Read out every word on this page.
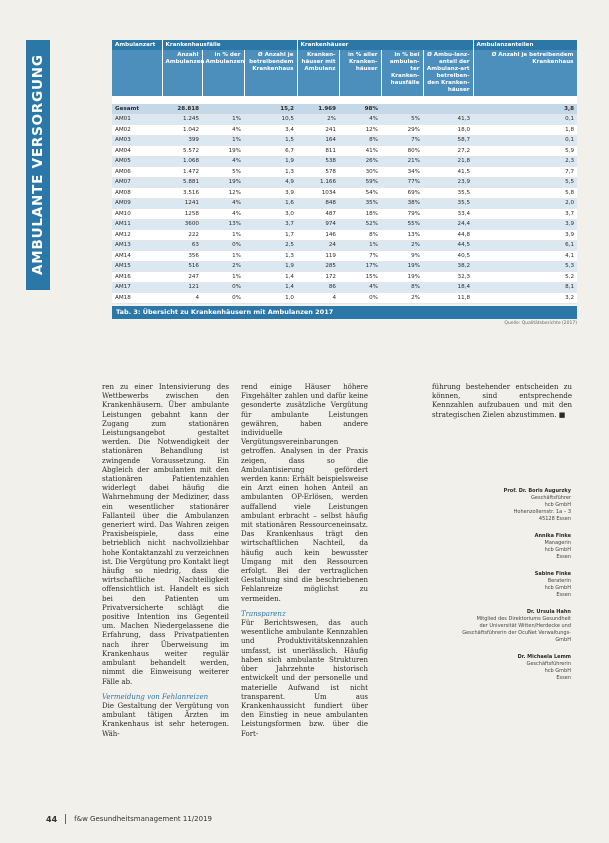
AMBULANTE VERSORGUNG
Ambulanzart	Krankenhausfälle			Krankenhäuser				Ambulanzanteilen
	Anzahl Ambulanzen	in % der Ambulanzen	Ø Anzahl je betreibendem Krankenhaus	Kranken-häuser mit Ambulanz	in % aller Kranken-häuser	in % bei ambulan-ter Kranken-hausfälle	Ø Ambu-lanz-anteil der Ambulanz-art betreiben-den Kranken-häuser	Ø Anzahl je betreibendem Krankenhaus

Gesamt	28.818		15,2	1.969	98%			3,8
AM01	1.245	1%	10,5	2%	4%	5%	41,3	0,1
AM02	1.042	4%	3,4	241	12%	29%	18,0	1,8
AM03	399	1%	1,5	164	8%	7%	58,7	0,1
AM04	5.572	19%	6,7	811	41%	80%	27,2	5,9
AM05	1.068	4%	1,9	538	26%	21%	21,8	2,3
AM06	1.472	5%	1,3	578	30%	34%	41,5	7,7
AM07	5.881	19%	4,9	1.166	59%	77%	23,9	5,5
AM08	3.516	12%	3,9	1034	54%	69%	35,5	5,8
AM09	1241	4%	1,6	848	35%	38%	35,5	2,0
AM10	1258	4%	3,0	487	18%	79%	33,4	3,7
AM11	3600	13%	3,7	974	52%	55%	24,4	3,9
AM12	222	1%	1,7	146	8%	13%	44,8	3,9
AM13	63	0%	2,5	24	1%	2%	44,5	6,1
AM14	356	1%	1,3	119	7%	9%	40,5	4,1
AM15	516	2%	1,9	285	17%	19%	38,2	5,3
AM16	247	1%	1,4	172	15%	19%	32,3	5,2
AM17	121	0%	1,4	86	4%	8%	18,4	8,1
AM18	4	0%	1,0	4	0%	2%	11,8	3,2
Tab. 3: Übersicht zu Krankenhäusern mit Ambulanzen 2017
Quelle: Qualitätsberichte (2017)

ren zu einer Intensivierung des Wettbewerbs zwischen den Krankenhäusern. Über ambulante Leistungen gebahnt kann der Zugang zum stationären Leistungsangebot gestaltet werden. Die Notwendigkeit der stationären Behandlung ist zwingende Voraussetzung. Ein Abgleich der ambulanten mit den stationären Patientenzahlen widerlegt dabei häufig die Wahrnehmung der Mediziner, dass ein wesentlicher stationärer Fallanteil über die Ambulanzen generiert wird. Das Wahren zeigen Praxisbeispiele, dass eine betrieblich nicht nachvollziehbar hohe Kontaktanzahl zu verzeichnen ist. Die Vergütung pro Kontakt liegt häufig so niedrig, dass die wirtschaftliche Nachteiligkeit offensichtlich ist. Handelt es sich bei den Patienten um Privatversicherte schlägt die positive Intention ins Gegenteil um. Machen Niedergelassene die Erfahrung, dass Privatpatienten nach ihrer Überweisung im Krankenhaus weiter regulär ambulant behandelt werden, nimmt die Einweisung weiterer Fälle ab.

Vermeidung von Fehlanreizen

Die Gestaltung der Vergütung von ambulant tätigen Ärzten im Krankenhaus ist sehr heterogen. Wäh-

rend einige Häuser höhere Fixgehälter zahlen und dafür keine gesonderte zusätzliche Vergütung für ambulante Leistungen gewähren, haben andere individuelle Vergütungsvereinbarungen getroffen. Analysen in der Praxis zeigen, dass so die Ambulantisierung gefördert werden kann: Erhält beispielsweise ein Arzt einen hohen Anteil an ambulanten OP-Erlösen, werden auffallend viele Leistungen ambulant erbracht – selbst häufig mit stationären Ressourceneinsatz. Das Krankenhaus trägt den wirtschaftlichen Nachteil, da häufig auch kein bewusster Umgang mit den Ressourcen erfolgt. Bei der vertraglichen Gestaltung sind die beschriebenen Fehlanreize möglichst zu vermeiden.

Transparenz

Für Berichtswesen, das auch wesentliche ambulante Kennzahlen und Produktivitätskennzahlen umfasst, ist unerlässlich. Häufig haben sich ambulante Strukturen über Jahrzehnte historisch entwickelt und der personelle und materielle Aufwand ist nicht transparent. Um aus Krankenhaussicht fundiert über den Einstieg in neue ambulanten Leistungsformen bzw. über die Fort-

führung bestehender entscheiden zu können, sind entsprechende Kennzahlen aufzubauen und mit den strategischen Zielen abzustimmen. ■

Prof. Dr. Boris Augurzky
Geschäftsführer
hcb GmbH
Hohenzollernstr. 1a – 3
45128 Essen
Annika Finke
Managerin
hcb GmbH
Essen
Sabine Finke
Beraterin
hcb GmbH
Essen
Dr. Ursula Hahn
Mitglied des Direktoriums Gesundheit
der Universität Witten/Herdecke und
Geschäftsführerin der OcuNet Verwaltungs-
GmbH
Dr. Michaela Lemm
Geschäftsführerin
hcb GmbH
Essen
44 f&w Gesundheitsmanagement 11/2019
